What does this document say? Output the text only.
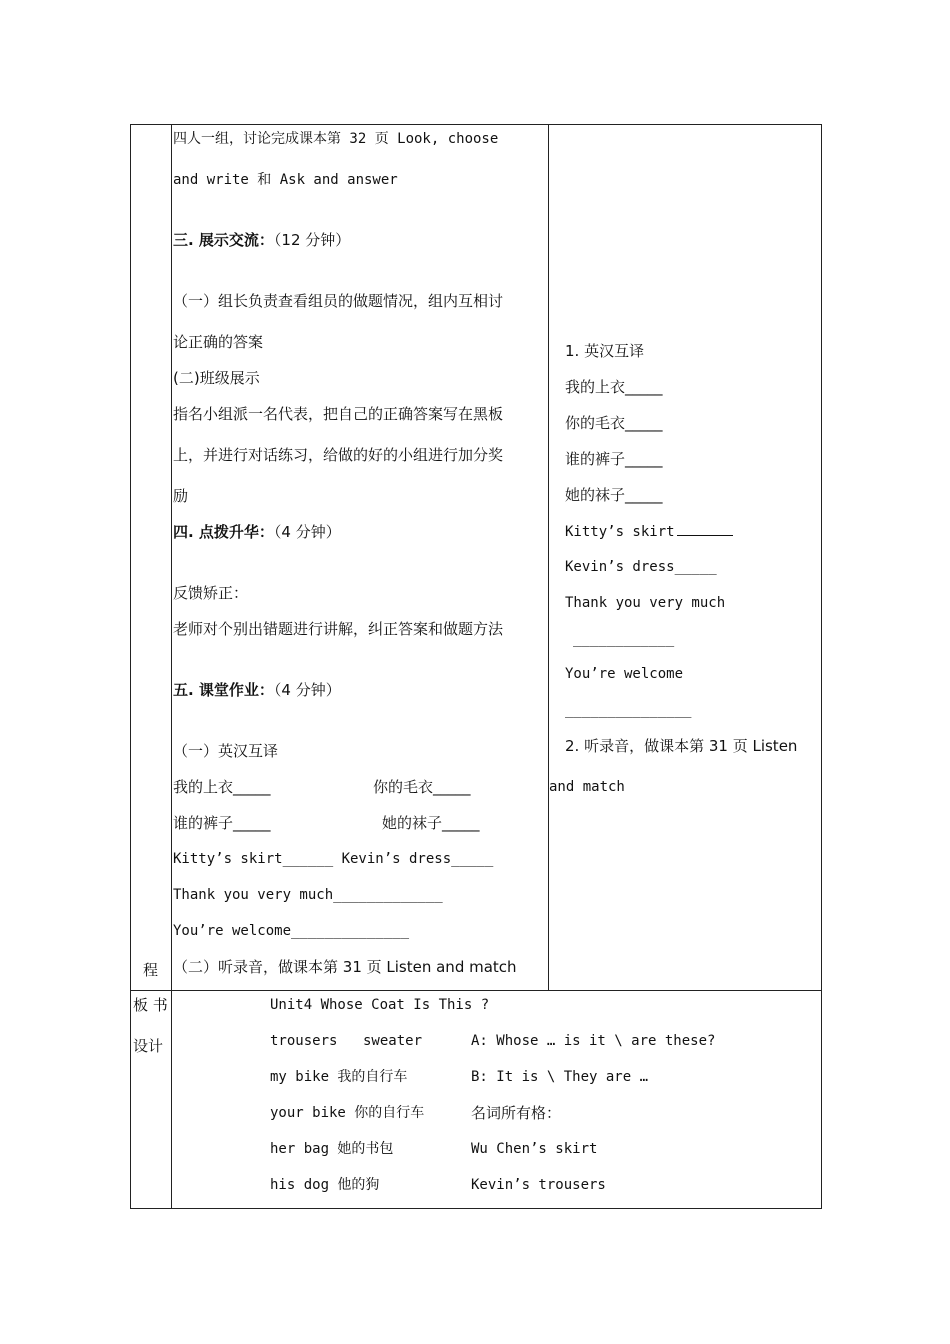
四人一组，讨论完成课本第 32 页 Look, choose
and write 和 Ask and answer
三. 展示交流：（12 分钟）
（一）组长负责查看组员的做题情况，组内互相讨
论正确的答案
(二)班级展示
指名小组派一名代表，把自己的正确答案写在黑板
上，并进行对话练习，给做的好的小组进行加分奖
励
四. 点拨升华：（4 分钟）
反馈矫正：
老师对个别出错题进行讲解，纠正答案和做题方法
五. 课堂作业：（4 分钟）
（一）英汉互译
我的上衣_____	你的毛衣_____
谁的裤子_____	她的袜子_____
Kitty’s skirt______ Kevin’s dress_____
Thank you very much_____________
You’re welcome______________
（二）听录音，做课本第 31 页 Listen and match
程
1. 英汉互译
我的上衣_____
你的毛衣_____
谁的裤子_____
她的袜子_____
Kitty’s skirt
Kevin’s dress_____
Thank you very much
____________
You’re welcome
_______________
2. 听录音，做课本第 31 页 Listen
and match
板 书
设计
Unit4 Whose Coat Is This ?
trousers sweater	A: Whose … is it \ are these?
my bike 我的自行车	B: It is \ They are …
your bike 你的自行车	名词所有格：
her bag 她的书包	Wu Chen’s skirt
his dog 他的狗	Kevin’s trousers
